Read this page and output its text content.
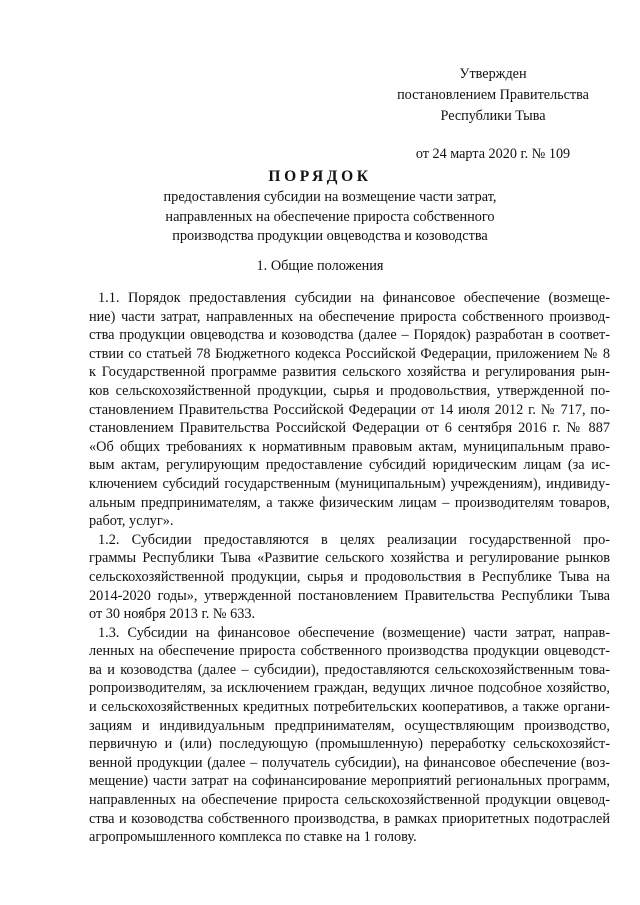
Утвержден
постановлением Правительства
Республики Тыва
от 24 марта 2020 г. № 109
ПОРЯДОК
предоставления субсидии на возмещение части затрат,
направленных на обеспечение прироста собственного
производства продукции овцеводства и козоводства
1. Общие положения
1.1. Порядок предоставления субсидии на финансовое обеспечение (возмеще-
ние) части затрат, направленных на обеспечение прироста собственного производ-
ства продукции овцеводства и козоводства (далее – Порядок) разработан в соответ-
ствии со статьей 78 Бюджетного кодекса Российской Федерации, приложением № 8
к Государственной программе развития сельского хозяйства и регулирования рын-
ков сельскохозяйственной продукции, сырья и продовольствия, утвержденной по-
становлением Правительства Российской Федерации от 14 июля 2012 г. № 717, по-
становлением Правительства Российской Федерации от 6 сентября 2016 г. № 887
«Об общих требованиях к нормативным правовым актам, муниципальным право-
вым актам, регулирующим предоставление субсидий юридическим лицам (за ис-
ключением субсидий государственным (муниципальным) учреждениям), индивиду-
альным предпринимателям, а также физическим лицам – производителям товаров,
работ, услуг».
1.2. Субсидии предоставляются в целях реализации государственной про-
граммы Республики Тыва «Развитие сельского хозяйства и регулирование рынков
сельскохозяйственной продукции, сырья и продовольствия в Республике Тыва на
2014-2020 годы», утвержденной постановлением Правительства Республики Тыва
от 30 ноября 2013 г. № 633.
1.3. Субсидии на финансовое обеспечение (возмещение) части затрат, направ-
ленных на обеспечение прироста собственного производства продукции овцеводст-
ва и козоводства (далее – субсидии), предоставляются сельскохозяйственным това-
ропроизводителям, за исключением граждан, ведущих личное подсобное хозяйство,
и сельскохозяйственных кредитных потребительских кооперативов, а также органи-
зациям и индивидуальным предпринимателям, осуществляющим производство,
первичную и (или) последующую (промышленную) переработку сельскохозяйст-
венной продукции (далее – получатель субсидии), на финансовое обеспечение (воз-
мещение) части затрат на софинансирование мероприятий региональных программ,
направленных на обеспечение прироста сельскохозяйственной продукции овцевод-
ства и козоводства собственного производства, в рамках приоритетных подотраслей
агропромышленного комплекса по ставке на 1 голову.
